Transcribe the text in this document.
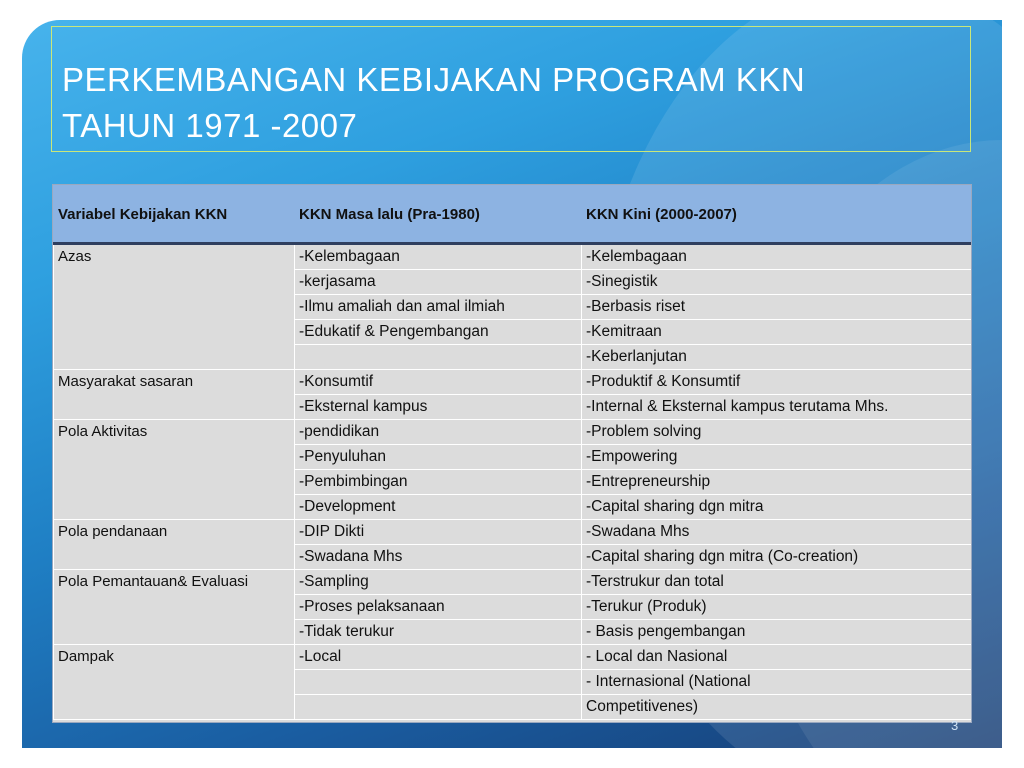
PERKEMBANGAN KEBIJAKAN PROGRAM KKN
TAHUN 1971 -2007
Variabel Kebijakan KKN	KKN Masa lalu (Pra-1980)	KKN Kini (2000-2007)
Azas	-Kelembagaan	-Kelembagaan
	-kerjasama	-Sinegistik
	-Ilmu amaliah dan amal ilmiah	-Berbasis riset
	-Edukatif & Pengembangan	-Kemitraan
		-Keberlanjutan
Masyarakat sasaran	-Konsumtif	-Produktif & Konsumtif
	-Eksternal kampus	-Internal & Eksternal kampus terutama Mhs.
Pola Aktivitas	-pendidikan	-Problem solving
	-Penyuluhan	-Empowering
	-Pembimbingan	-Entrepreneurship
	-Development	-Capital sharing dgn mitra
Pola pendanaan	-DIP Dikti	-Swadana Mhs
	-Swadana Mhs	-Capital sharing dgn mitra (Co-creation)
Pola Pemantauan& Evaluasi	-Sampling	-Terstrukur dan total
	-Proses pelaksanaan	-Terukur (Produk)
	-Tidak terukur	- Basis pengembangan
Dampak	-Local	- Local dan Nasional
		- Internasional (National
		Competitivenes)
3
